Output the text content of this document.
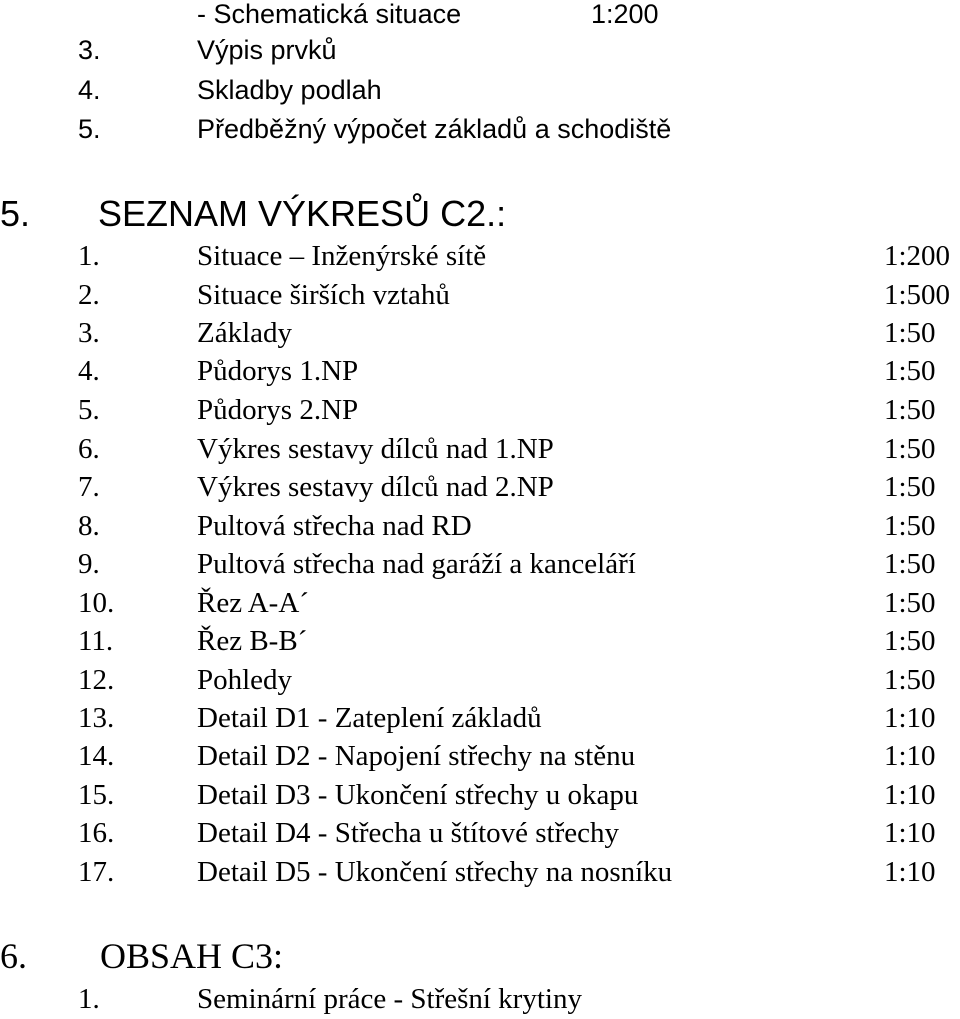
- Schematická situace	1:200
3.	Výpis prvků
4.	Skladby podlah
5.	Předběžný výpočet základů a schodiště
5. SEZNAM VÝKRESŮ C2.:
1.	Situace – Inženýrské sítě	1:200
2.	Situace širších vztahů	1:500
3.	Základy	1:50
4.	Půdorys 1.NP	1:50
5.	Půdorys 2.NP	1:50
6.	Výkres sestavy dílců nad 1.NP	1:50
7.	Výkres sestavy dílců nad 2.NP	1:50
8.	Pultová střecha nad RD	1:50
9.	Pultová střecha nad garáží a kanceláří	1:50
10.	Řez A-A´	1:50
11.	Řez B-B´	1:50
12.	Pohledy	1:50
13.	Detail D1 - Zateplení základů	1:10
14.	Detail D2 - Napojení střechy na stěnu	1:10
15.	Detail D3 - Ukončení střechy u okapu	1:10
16.	Detail D4 - Střecha u štítové střechy	1:10
17.	Detail D5 - Ukončení střechy na nosníku	1:10
6. OBSAH C3:
1.	Seminární práce - Střešní krytiny
